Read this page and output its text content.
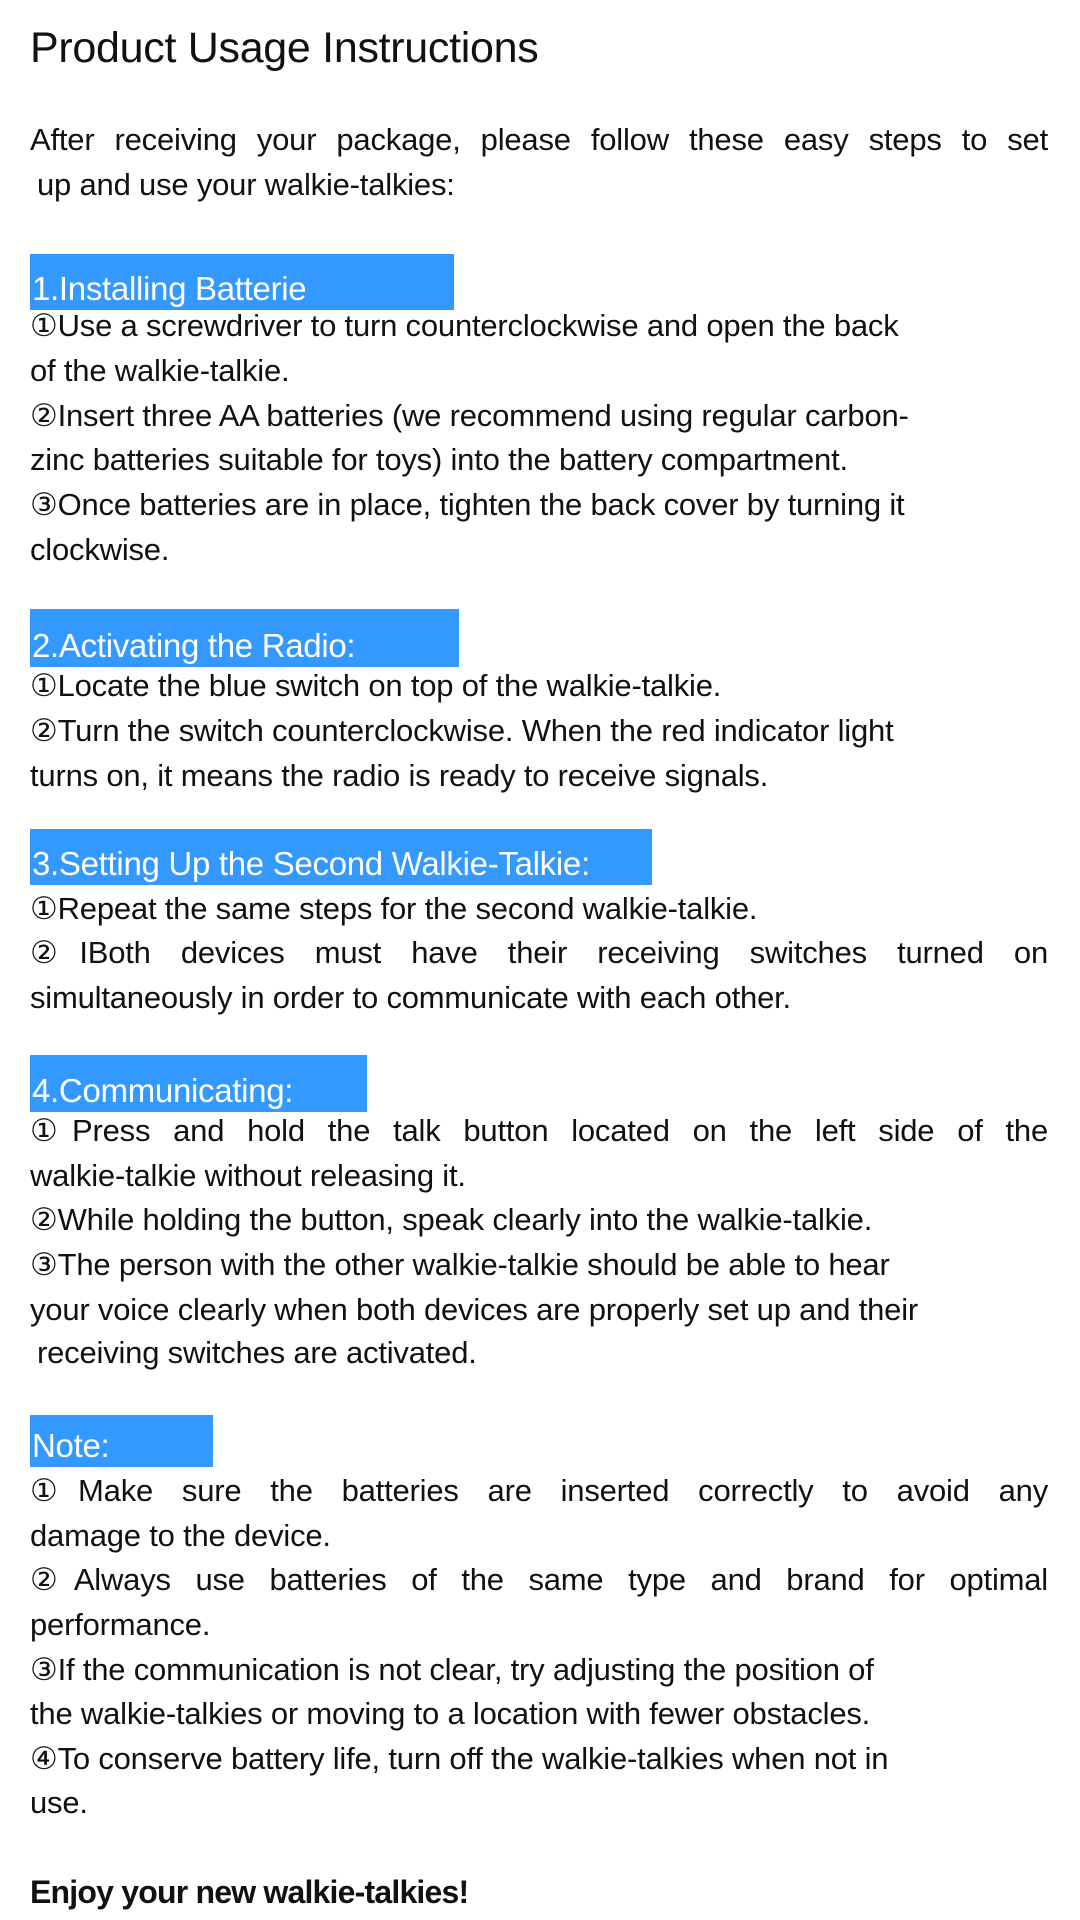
Product Usage Instructions
After receiving your package, please follow these easy steps to set
up and use your walkie-talkies:
1.Installing Batterie
①Use a screwdriver to turn counterclockwise and open the back
of the walkie-talkie.
②Insert three AA batteries (we recommend using regular carbon-
zinc batteries suitable for toys) into the battery compartment.
③Once batteries are in place, tighten the back cover by turning it
clockwise.
2.Activating the Radio:
①Locate the blue switch on top of the walkie-talkie.
②Turn the switch counterclockwise. When the red indicator light
turns on, it means the radio is ready to receive signals.
3.Setting Up the Second Walkie-Talkie:
①Repeat the same steps for the second walkie-talkie.
②IBoth devices must have their receiving switches turned on
simultaneously in order to communicate with each other.
4.Communicating:
①Press and hold the talk button located on the left side of the
walkie-talkie without releasing it.
②While holding the button, speak clearly into the walkie-talkie.
③The person with the other walkie-talkie should be able to hear
your voice clearly when both devices are properly set up and their
receiving switches are activated.
Note:
①Make sure the batteries are inserted correctly to avoid any
damage to the device.
②Always use batteries of the same type and brand for optimal
performance.
③If the communication is not clear, try adjusting the position of
the walkie-talkies or moving to a location with fewer obstacles.
④To conserve battery life, turn off the walkie-talkies when not in
use.
Enjoy your new walkie-talkies!
